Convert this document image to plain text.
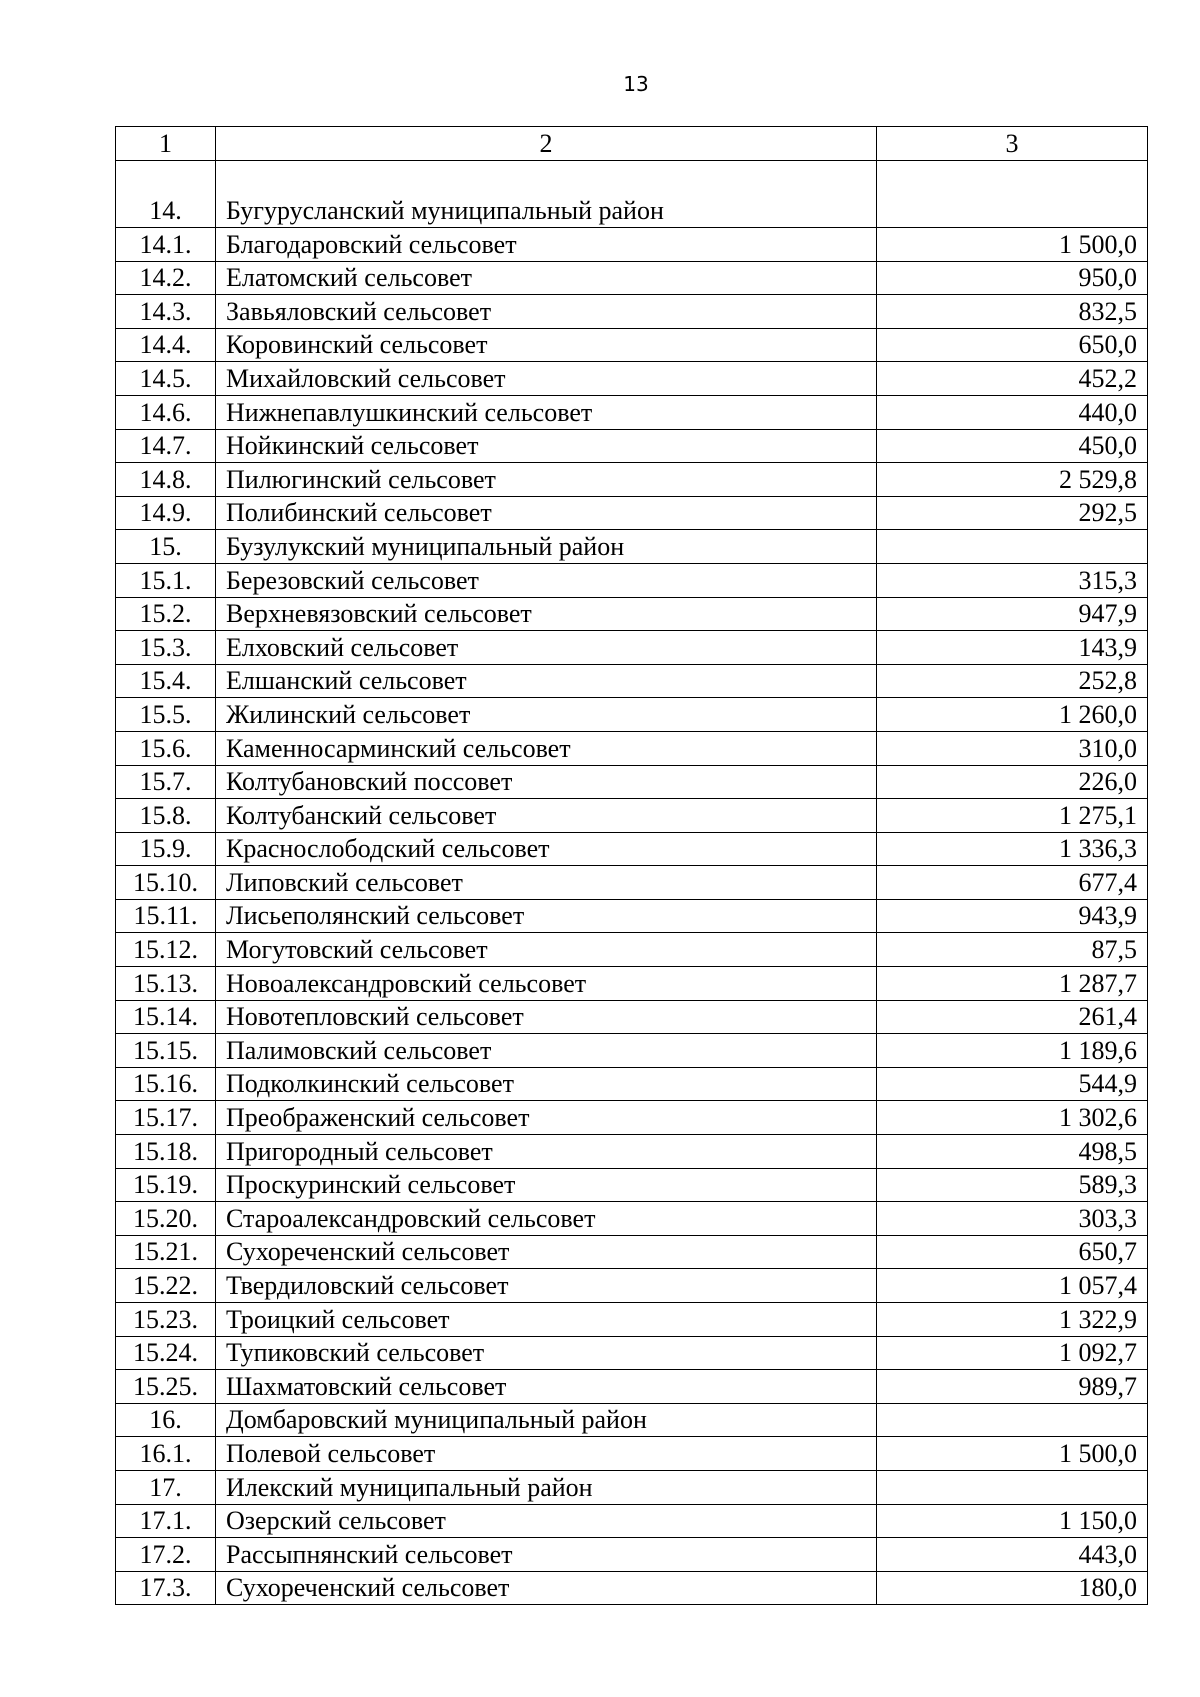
13
1	2	3
14.	Бугурусланский муниципальный район	
14.1.	Благодаровский сельсовет	1 500,0
14.2.	Елатомский сельсовет	950,0
14.3.	Завьяловский сельсовет	832,5
14.4.	Коровинский сельсовет	650,0
14.5.	Михайловский сельсовет	452,2
14.6.	Нижнепавлушкинский сельсовет	440,0
14.7.	Нойкинский сельсовет	450,0
14.8.	Пилюгинский сельсовет	2 529,8
14.9.	Полибинский сельсовет	292,5
15.	Бузулукский муниципальный район	
15.1.	Березовский сельсовет	315,3
15.2.	Верхневязовский сельсовет	947,9
15.3.	Елховский сельсовет	143,9
15.4.	Елшанский сельсовет	252,8
15.5.	Жилинский сельсовет	1 260,0
15.6.	Каменносарминский сельсовет	310,0
15.7.	Колтубановский поссовет	226,0
15.8.	Колтубанский сельсовет	1 275,1
15.9.	Краснослободский сельсовет	1 336,3
15.10.	Липовский сельсовет	677,4
15.11.	Лисьеполянский сельсовет	943,9
15.12.	Могутовский сельсовет	87,5
15.13.	Новоалександровский сельсовет	1 287,7
15.14.	Новотепловский сельсовет	261,4
15.15.	Палимовский сельсовет	1 189,6
15.16.	Подколкинский сельсовет	544,9
15.17.	Преображенский сельсовет	1 302,6
15.18.	Пригородный сельсовет	498,5
15.19.	Проскуринский сельсовет	589,3
15.20.	Староалександровский сельсовет	303,3
15.21.	Сухореченский сельсовет	650,7
15.22.	Твердиловский сельсовет	1 057,4
15.23.	Троицкий сельсовет	1 322,9
15.24.	Тупиковский сельсовет	1 092,7
15.25.	Шахматовский сельсовет	989,7
16.	Домбаровский муниципальный район	
16.1.	Полевой сельсовет	1 500,0
17.	Илекский муниципальный район	
17.1.	Озерский сельсовет	1 150,0
17.2.	Рассыпнянский сельсовет	443,0
17.3.	Сухореченский сельсовет	180,0
